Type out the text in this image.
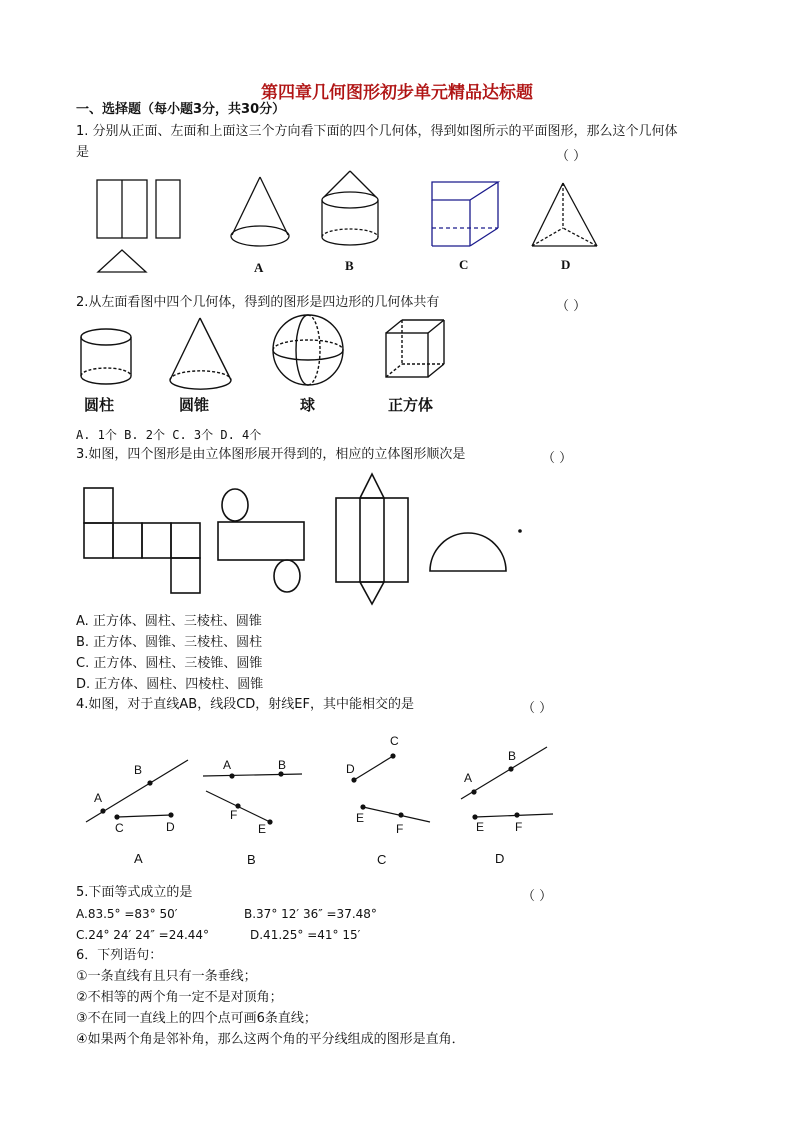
第四章几何图形初步单元精品达标题
一、选择题（每小题3分，共30分）
1. 分别从正面、左面和上面这三个方向看下面的四个几何体，得到如图所示的平面图形，那么这个几何体
是	（ ）
A	B	C	D
2.从左面看图中四个几何体，得到的图形是四边形的几何体共有	（ ）
圆柱	圆锥	球	正方体
A. 1个 B. 2个 C. 3个 D. 4个
3.如图，四个图形是由立体图形展开得到的，相应的立体图形顺次是	（ ）
A. 正方体、圆柱、三棱柱、圆锥
B. 正方体、圆锥、三棱柱、圆柱
C. 正方体、圆柱、三棱锥、圆锥
D. 正方体、圆柱、四棱柱、圆锥
4.如图，对于直线AB，线段CD，射线EF，其中能相交的是	（ ）
A
B
C	D
A	B
F
E
D
C
E
F
A
B
E	F
A	B	C	D
5.下面等式成立的是	（ ）
A.83.5° =83° 50′	B.37° 12′ 36″ =37.48°
C.24° 24′ 24″ =24.44°	D.41.25° =41° 15′
6．下列语句：
①一条直线有且只有一条垂线；
②不相等的两个角一定不是对顶角；
③不在同一直线上的四个点可画6条直线；
④如果两个角是邻补角，那么这两个角的平分线组成的图形是直角．
